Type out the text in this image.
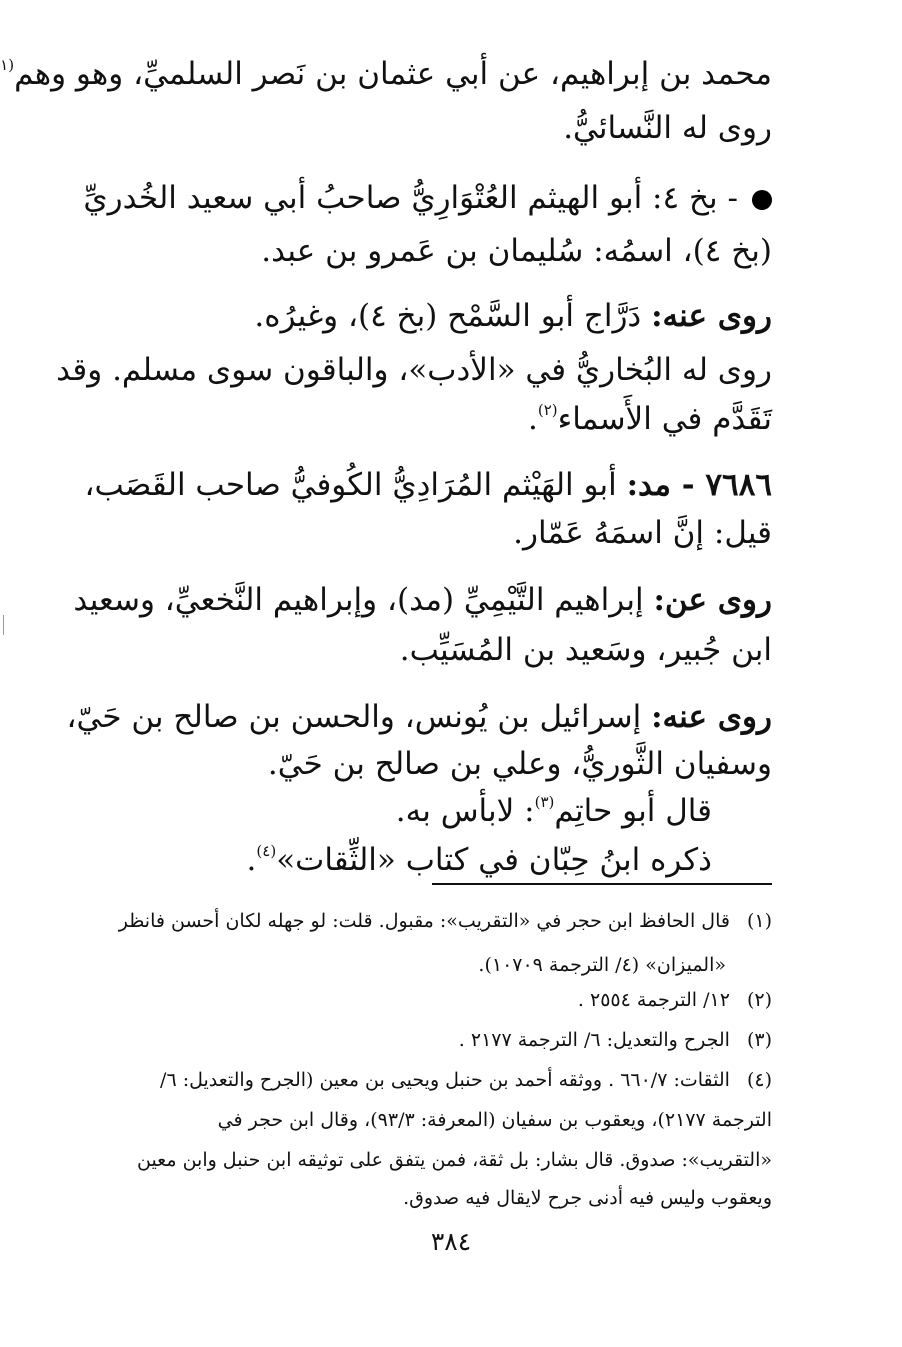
محمد بن إبراهيم، عن أبي عثمان بن نَصر السلميِّ، وهو وهم$^{(١}$
روى له النَّسائيُّ.
- بخ ٤: أبو الهيثم العُتْوَارِيُّ صاحبُ أبي سعيد الخُدريِّ
(بخ ٤)، اسمُه: سُليمان بن عَمرو بن عبد.
روى عنه: دَرَّاج أبو السَّمْح (بخ ٤)، وغيرُه.
روى له البُخاريُّ في «الأدب»، والباقون سوى مسلم. وقد
تَقَدَّم في الأَسماء$^{(٢)}$.
٧٦٨٦ - مد: أبو الهَيْثم المُرَادِيُّ الكُوفيُّ صاحب القَصَب،
قيل: إنَّ اسمَهُ عَمّار.
روى عن: إبراهيم التَّيْمِيِّ (مد)، وإبراهيم النَّخعيِّ، وسعيد
ابن جُبير، وسَعيد بن المُسَيِّب.
روى عنه: إسرائيل بن يُونس، والحسن بن صالح بن حَيّ،
وسفيان الثَّوريُّ، وعلي بن صالح بن حَيّ.
قال أبو حاتِم$^{(٣)}$: لابأس به.
ذكره ابنُ حِبّان في كتاب «الثِّقات»$^{(٤)}$.
(١) قال الحافظ ابن حجر في «التقريب»: مقبول. قلت: لو جهله لكان أحسن فانظر
«الميزان» (٤/ الترجمة ١٠٧٠٩).
(٢) ١٢/ الترجمة ٢٥٥٤ .
(٣) الجرح والتعديل: ٦/ الترجمة ٢١٧٧ .
(٤) الثقات: ٦٦٠/٧ . ووثقه أحمد بن حنبل ويحيى بن معين (الجرح والتعديل: ٦/
الترجمة ٢١٧٧)، ويعقوب بن سفيان (المعرفة: ٩٣/٣)، وقال ابن حجر في
«التقريب»: صدوق. قال بشار: بل ثقة، فمن يتفق على توثيقه ابن حنبل وابن معين
ويعقوب وليس فيه أدنى جرح لايقال فيه صدوق.
٣٨٤
